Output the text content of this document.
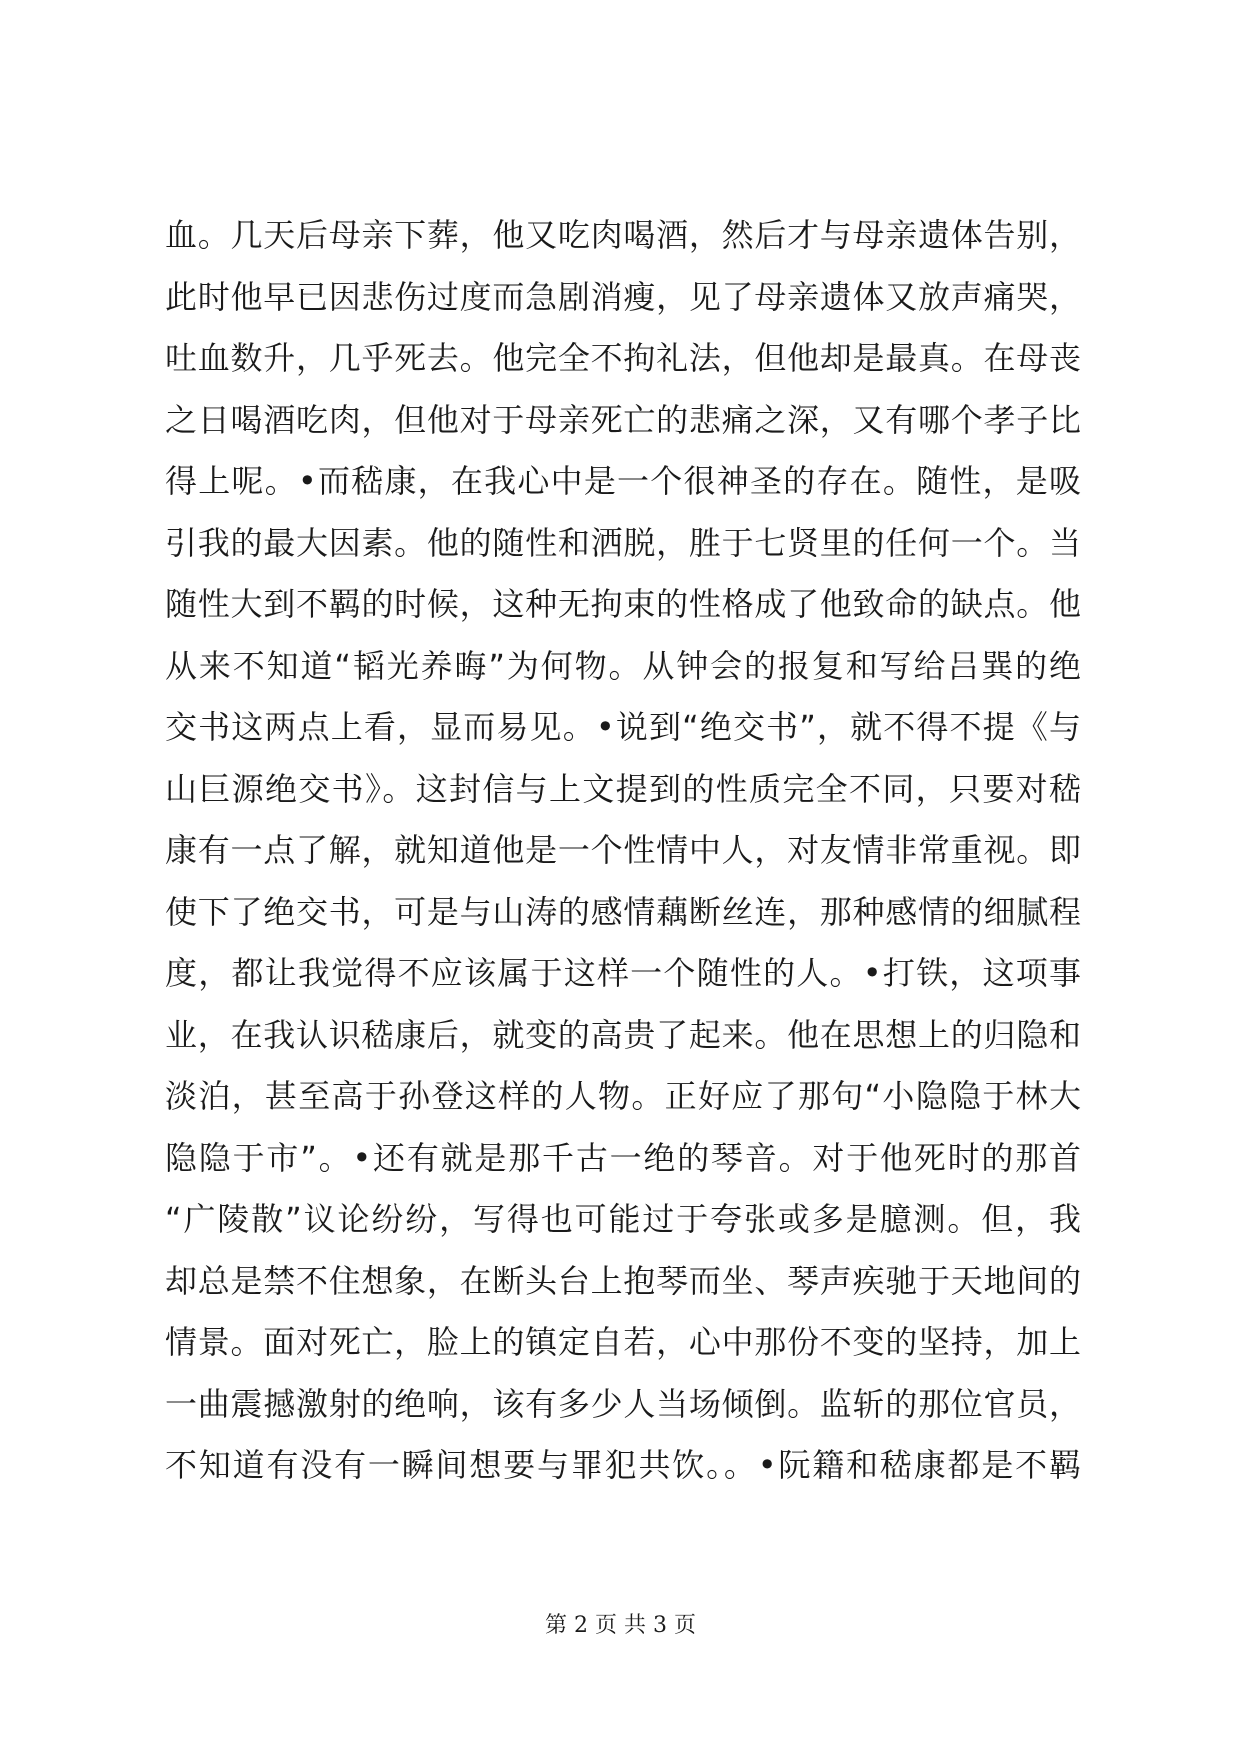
血。几天后母亲下葬，他又吃肉喝酒，然后才与母亲遗体告别，
此时他早已因悲伤过度而急剧消瘦，见了母亲遗体又放声痛哭，
吐血数升，几乎死去。他完全不拘礼法，但他却是最真。在母丧
之日喝酒吃肉，但他对于母亲死亡的悲痛之深，又有哪个孝子比
得上呢。•而嵇康，在我心中是一个很神圣的存在。随性，是吸
引我的最大因素。他的随性和洒脱，胜于七贤里的任何一个。当
随性大到不羁的时候，这种无拘束的性格成了他致命的缺点。他
从来不知道“韬光养晦”为何物。从钟会的报复和写给吕巽的绝
交书这两点上看，显而易见。•说到“绝交书”，就不得不提《与
山巨源绝交书》。这封信与上文提到的性质完全不同，只要对嵇
康有一点了解，就知道他是一个性情中人，对友情非常重视。即
使下了绝交书，可是与山涛的感情藕断丝连，那种感情的细腻程
度，都让我觉得不应该属于这样一个随性的人。•打铁，这项事
业，在我认识嵇康后，就变的高贵了起来。他在思想上的归隐和
淡泊，甚至高于孙登这样的人物。正好应了那句“小隐隐于林大
隐隐于市”。•还有就是那千古一绝的琴音。对于他死时的那首
“广陵散”议论纷纷，写得也可能过于夸张或多是臆测。但，我
却总是禁不住想象，在断头台上抱琴而坐、琴声疾驰于天地间的
情景。面对死亡，脸上的镇定自若，心中那份不变的坚持，加上
一曲震撼激射的绝响，该有多少人当场倾倒。监斩的那位官员，
不知道有没有一瞬间想要与罪犯共饮。。•阮籍和嵇康都是不羁
第 2 页 共 3 页
